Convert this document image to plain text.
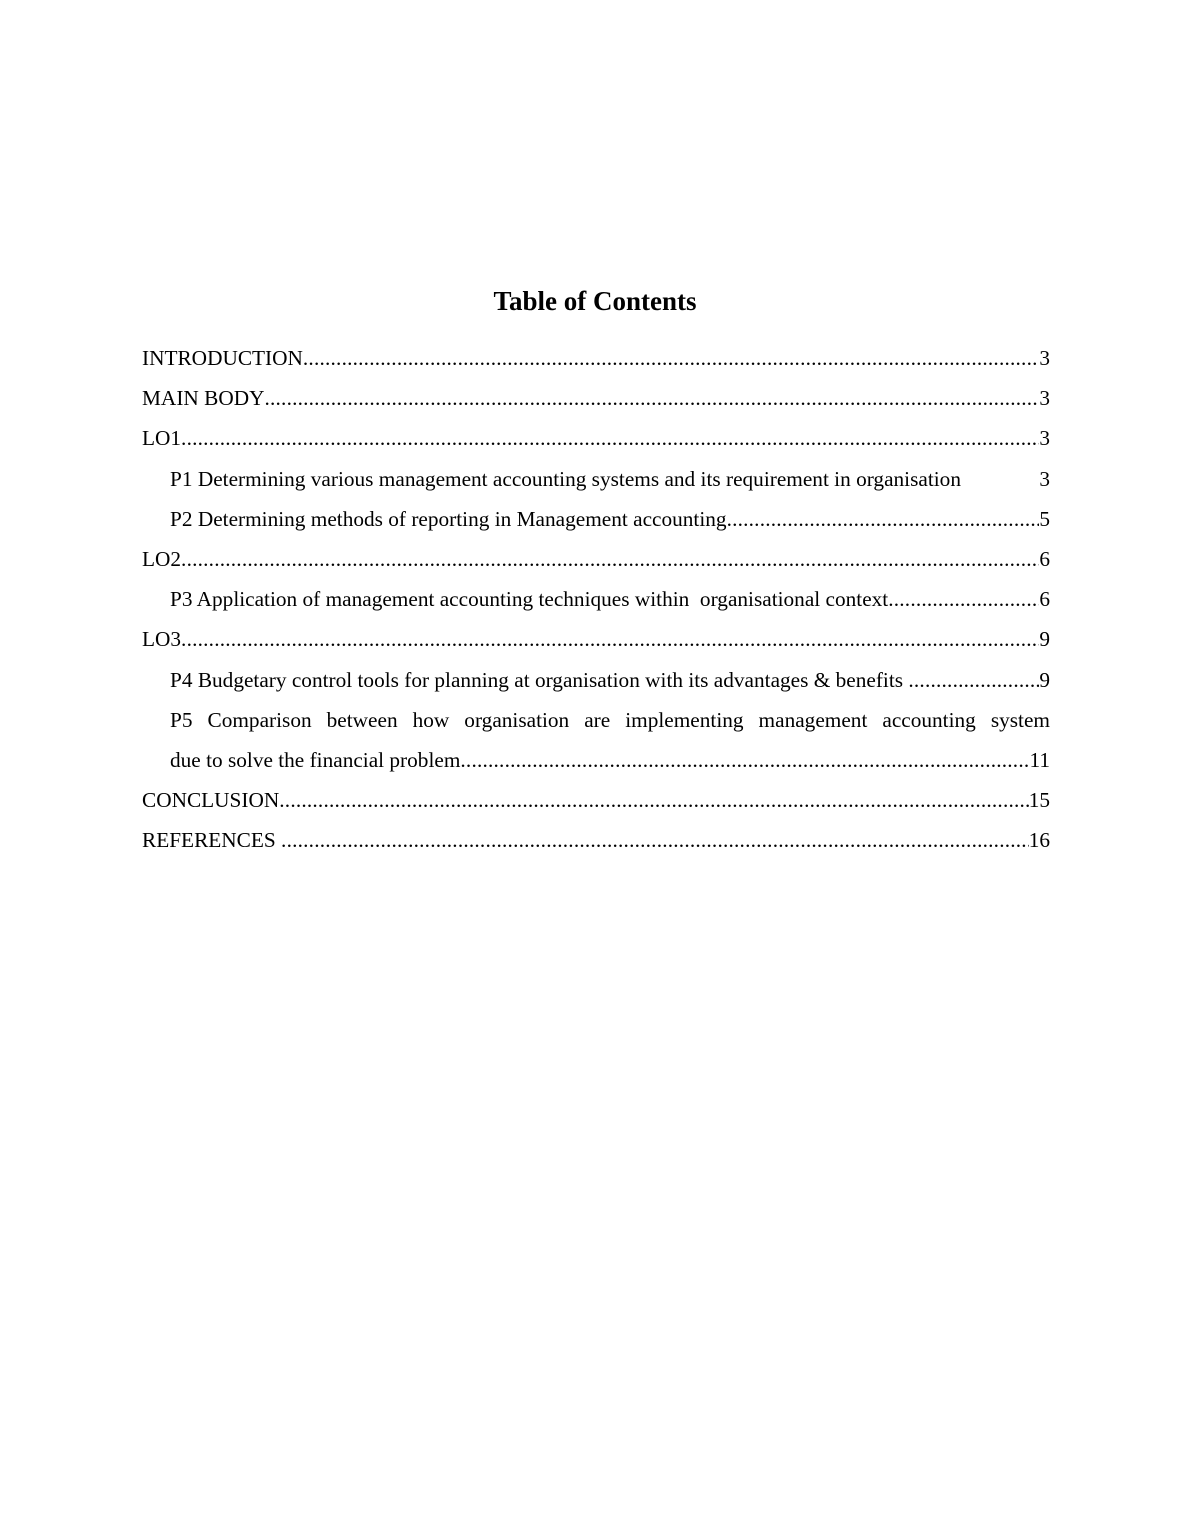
Table of Contents
INTRODUCTION .....	3
MAIN BODY .....	3
LO1 .....	3
P1 Determining various management accounting systems and its requirement in organisation	3
P2 Determining methods of reporting in Management accounting .....	5
LO2 .....	6
P3 Application of management accounting techniques within  organisational context .....	6
LO3 .....	9
P4 Budgetary control tools for planning at organisation with its advantages & benefits .....	9
P5 Comparison between how organisation are implementing management accounting system
due to solve the financial problem .....	11
CONCLUSION .....	15
REFERENCES .....	16
